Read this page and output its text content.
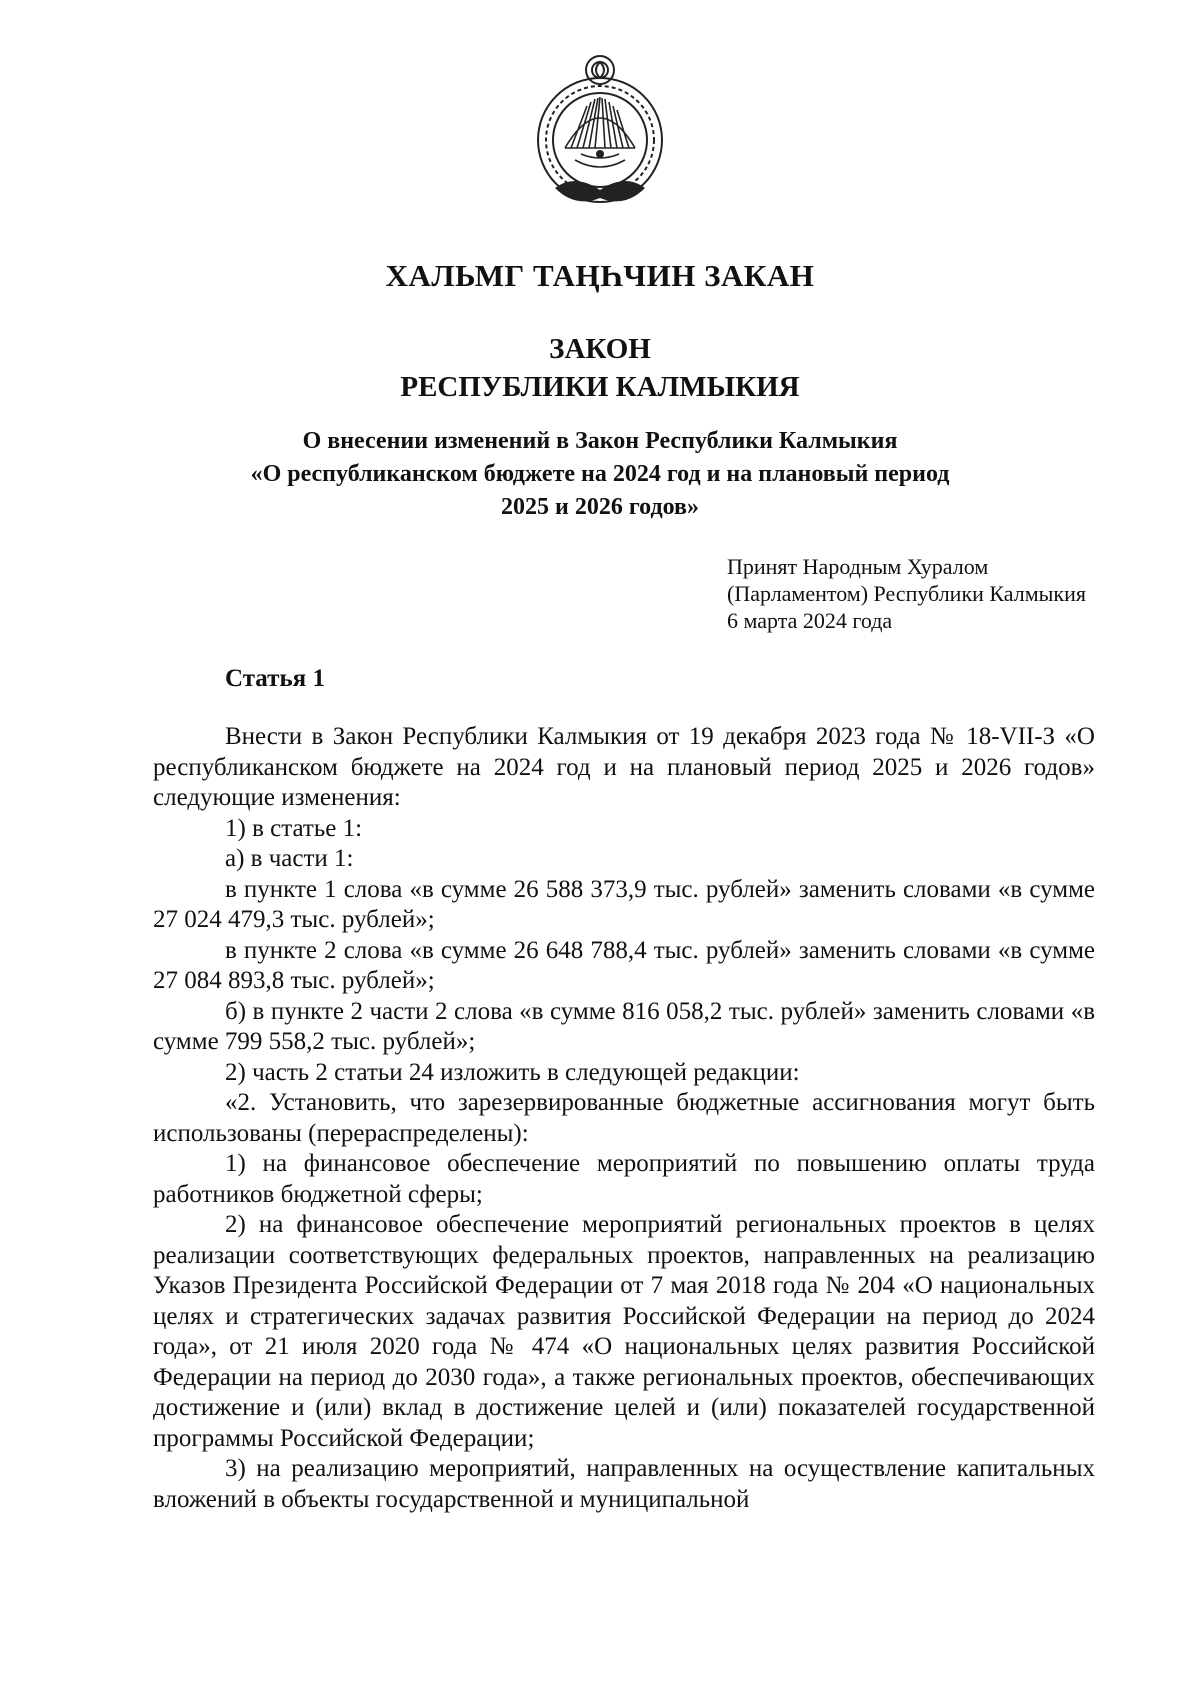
ХАЛЬМГ ТАҢҺЧИН ЗАКАН
ЗАКОН
РЕСПУБЛИКИ КАЛМЫКИЯ
О внесении изменений в Закон Республики Калмыкия
«О республиканском бюджете на 2024 год и на плановый период
2025 и 2026 годов»
Принят Народным Хуралом
(Парламентом) Республики Калмыкия
6 марта 2024 года
Статья 1

Внести в Закон Республики Калмыкия от 19 декабря 2023 года № 18-VII-З «О республиканском бюджете на 2024 год и на плановый период 2025 и 2026 годов» следующие изменения:

1) в статье 1:

а) в части 1:

в пункте 1 слова «в сумме 26 588 373,9 тыс. рублей» заменить словами «в сумме 27 024 479,3 тыс. рублей»;

в пункте 2 слова «в сумме 26 648 788,4 тыс. рублей» заменить словами «в сумме 27 084 893,8 тыс. рублей»;

б) в пункте 2 части 2 слова «в сумме 816 058,2 тыс. рублей» заменить словами «в сумме 799 558,2 тыс. рублей»;

2) часть 2 статьи 24 изложить в следующей редакции:

«2. Установить, что зарезервированные бюджетные ассигнования могут быть использованы (перераспределены):

1) на финансовое обеспечение мероприятий по повышению оплаты труда работников бюджетной сферы;

2) на финансовое обеспечение мероприятий региональных проектов в целях реализации соответствующих федеральных проектов, направленных на реализацию Указов Президента Российской Федерации от 7 мая 2018 года № 204 «О национальных целях и стратегических задачах развития Российской Федерации на период до 2024 года», от 21 июля 2020 года № 474 «О национальных целях развития Российской Федерации на период до 2030 года», а также региональных проектов, обеспечивающих достижение и (или) вклад в достижение целей и (или) показателей государственной программы Российской Федерации;

3) на реализацию мероприятий, направленных на осуществление капитальных вложений в объекты государственной и муниципальной
